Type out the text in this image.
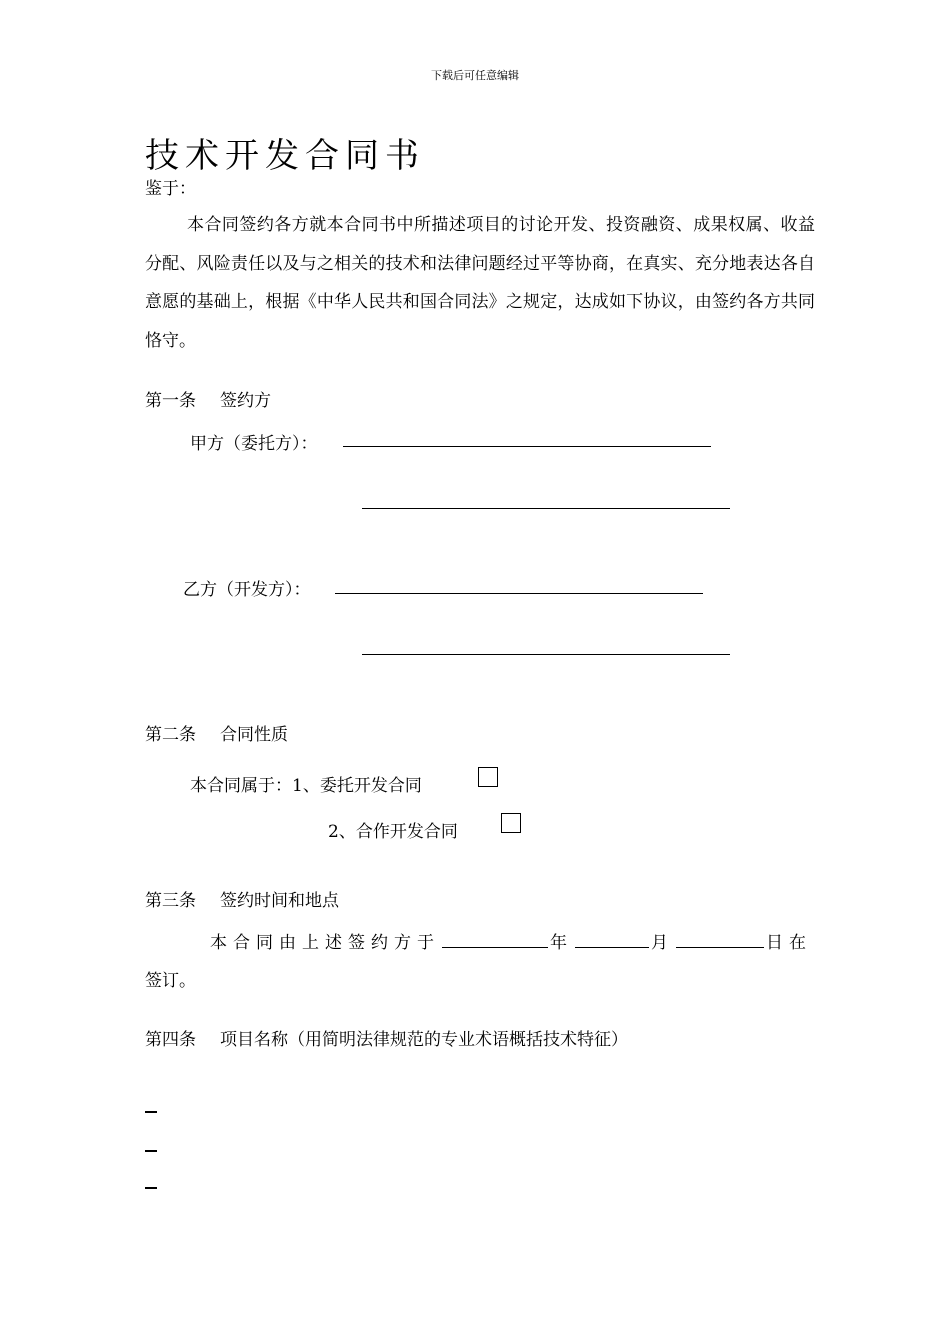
下载后可任意编辑
技术开发合同书
鉴于：
本合同签约各方就本合同书中所描述项目的讨论开发、投资融资、成果权属、收益分配、风险责任以及与之相关的技术和法律问题经过平等协商，在真实、充分地表达各自意愿的基础上，根据《中华人民共和国合同法》之规定，达成如下协议，由签约各方共同恪守。
第一条 签约方
甲方（委托方）：
乙方（开发方）：
第二条 合同性质
本合同属于：1、委托开发合同
2、合作开发合同
第三条 签约时间和地点
本合同由上述签约方于	年	月	日在
签订。
第四条 项目名称（用简明法律规范的专业术语概括技术特征）
